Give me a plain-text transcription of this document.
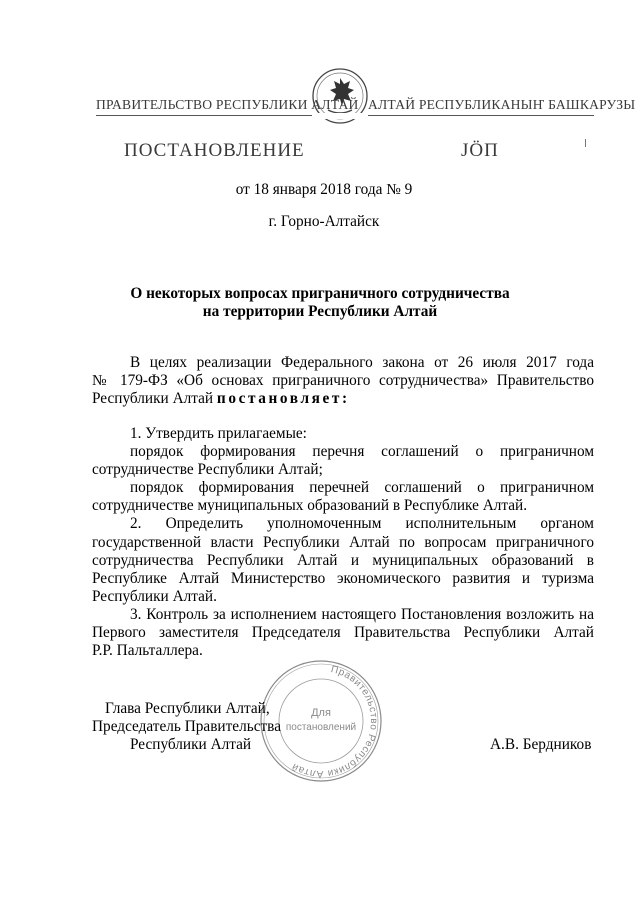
ПРАВИТЕЛЬСТВО РЕСПУБЛИКИ АЛТАЙ АЛТАЙ РЕСПУБЛИКАНЫҤ БАШКАРУЗЫ
ПОСТАНОВЛЕНИЕ	JÖП
от 18 января 2018 года № 9
г. Горно-Алтайск
О некоторых вопросах приграничного сотрудничества
на территории Республики Алтай
В целях реализации Федерального закона от 26 июля 2017 года
№ 179-ФЗ «Об основах приграничного сотрудничества» Правительство
Республики Алтай постановляет:
1. Утвердить прилагаемые:
порядок формирования перечня соглашений о приграничном
сотрудничестве Республики Алтай;
порядок формирования перечней соглашений о приграничном
сотрудничестве муниципальных образований в Республике Алтай.
2. Определить уполномоченным исполнительным органом
государственной власти Республики Алтай по вопросам приграничного
сотрудничества Республики Алтай и муниципальных образований в
Республике Алтай Министерство экономического развития и туризма
Республики Алтай.
3. Контроль за исполнением настоящего Постановления возложить на
Первого заместителя Председателя Правительства Республики Алтай
Р.Р. Пальталлера.
Правительство Республики Алтай
Для
постановлений
Глава Республики Алтай,
Председатель Правительства
Республики Алтай	А.В. Бердников
